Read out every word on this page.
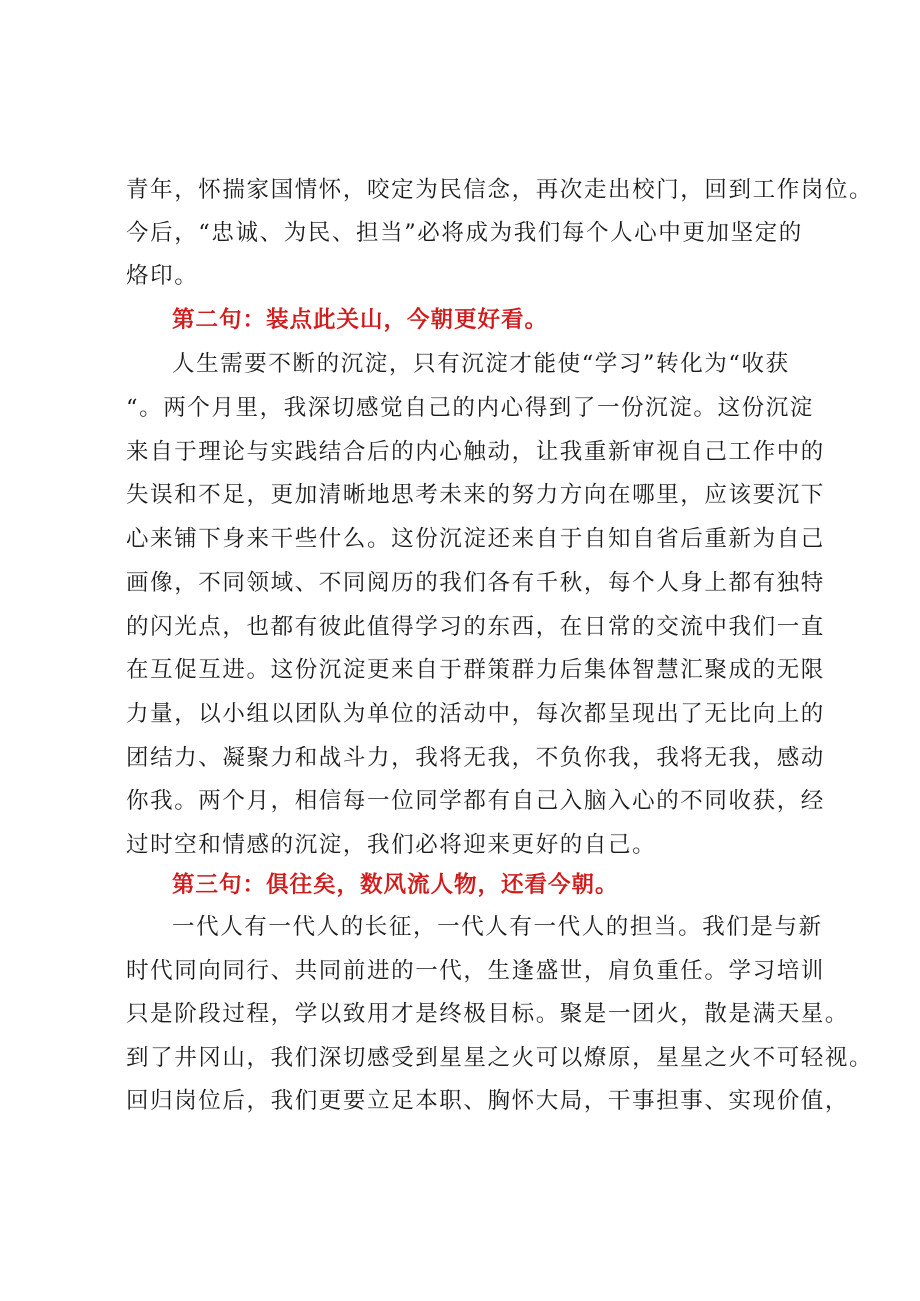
青年，怀揣家国情怀，咬定为民信念，再次走出校门，回到工作岗位。
今后，“忠诚、为民、担当”必将成为我们每个人心中更加坚定的
烙印。
第二句：装点此关山，今朝更好看。
人生需要不断的沉淀，只有沉淀才能使“学习”转化为“收获
“。两个月里，我深切感觉自己的内心得到了一份沉淀。这份沉淀
来自于理论与实践结合后的内心触动，让我重新审视自己工作中的
失误和不足，更加清晰地思考未来的努力方向在哪里，应该要沉下
心来铺下身来干些什么。这份沉淀还来自于自知自省后重新为自己
画像，不同领域、不同阅历的我们各有千秋，每个人身上都有独特
的闪光点，也都有彼此值得学习的东西，在日常的交流中我们一直
在互促互进。这份沉淀更来自于群策群力后集体智慧汇聚成的无限
力量，以小组以团队为单位的活动中，每次都呈现出了无比向上的
团结力、凝聚力和战斗力，我将无我，不负你我，我将无我，感动
你我。两个月，相信每一位同学都有自己入脑入心的不同收获，经
过时空和情感的沉淀，我们必将迎来更好的自己。
第三句：俱往矣，数风流人物，还看今朝。
一代人有一代人的长征，一代人有一代人的担当。我们是与新
时代同向同行、共同前进的一代，生逢盛世，肩负重任。学习培训
只是阶段过程，学以致用才是终极目标。聚是一团火，散是满天星。
到了井冈山，我们深切感受到星星之火可以燎原，星星之火不可轻视。
回归岗位后，我们更要立足本职、胸怀大局，干事担事、实现价值，
